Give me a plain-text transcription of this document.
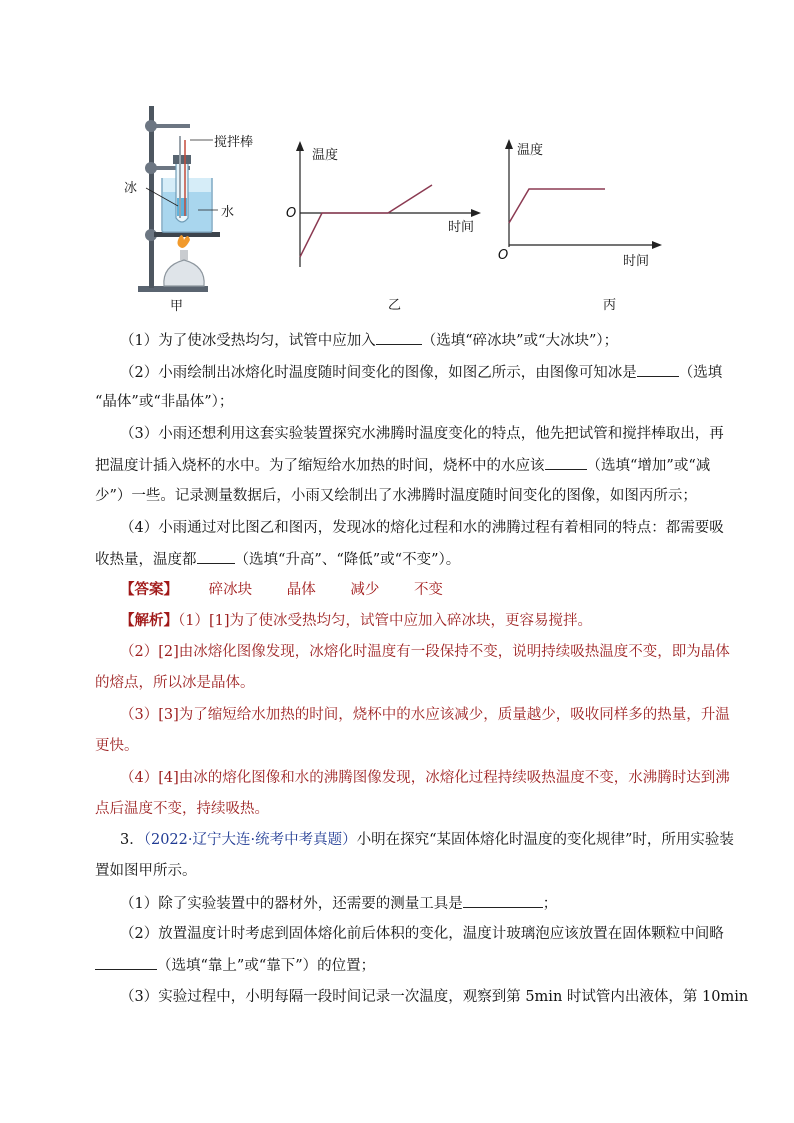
搅拌棒
冰
水
甲
温度
O
时间
乙
温度
O	时间
丙
（1）为了使冰受热均匀，试管中应加入	（选填“碎冰块”或“大冰块”）；
（2）小雨绘制出冰熔化时温度随时间变化的图像，如图乙所示，由图像可知冰是	（选填
“晶体”或“非晶体”）；
（3）小雨还想利用这套实验装置探究水沸腾时温度变化的特点，他先把试管和搅拌棒取出，再
把温度计插入烧杯的水中。为了缩短给水加热的时间，烧杯中的水应该	（选填“增加”或“减
少”）一些。记录测量数据后，小雨又绘制出了水沸腾时温度随时间变化的图像，如图丙所示；
（4）小雨通过对比图乙和图丙，发现冰的熔化过程和水的沸腾过程有着相同的特点：都需要吸
收热量，温度都	（选填“升高”、“降低”或“不变”）。
【答案】 碎冰块 晶体 减少 不变
【解析】（1）[1]为了使冰受热均匀，试管中应加入碎冰块，更容易搅拌。
（2）[2]由冰熔化图像发现，冰熔化时温度有一段保持不变，说明持续吸热温度不变，即为晶体
的熔点，所以冰是晶体。
（3）[3]为了缩短给水加热的时间，烧杯中的水应该减少，质量越少，吸收同样多的热量，升温
更快。
（4）[4]由冰的熔化图像和水的沸腾图像发现，冰熔化过程持续吸热温度不变，水沸腾时达到沸
点后温度不变，持续吸热。
3．（2022·辽宁大连·统考中考真题）小明在探究“某固体熔化时温度的变化规律”时，所用实验装
置如图甲所示。
（1）除了实验装置中的器材外，还需要的测量工具是	；
（2）放置温度计时考虑到固体熔化前后体积的变化，温度计玻璃泡应该放置在固体颗粒中间略
（选填“靠上”或“靠下”）的位置；
（3）实验过程中，小明每隔一段时间记录一次温度，观察到第 5min 时试管内出液体，第 10min
